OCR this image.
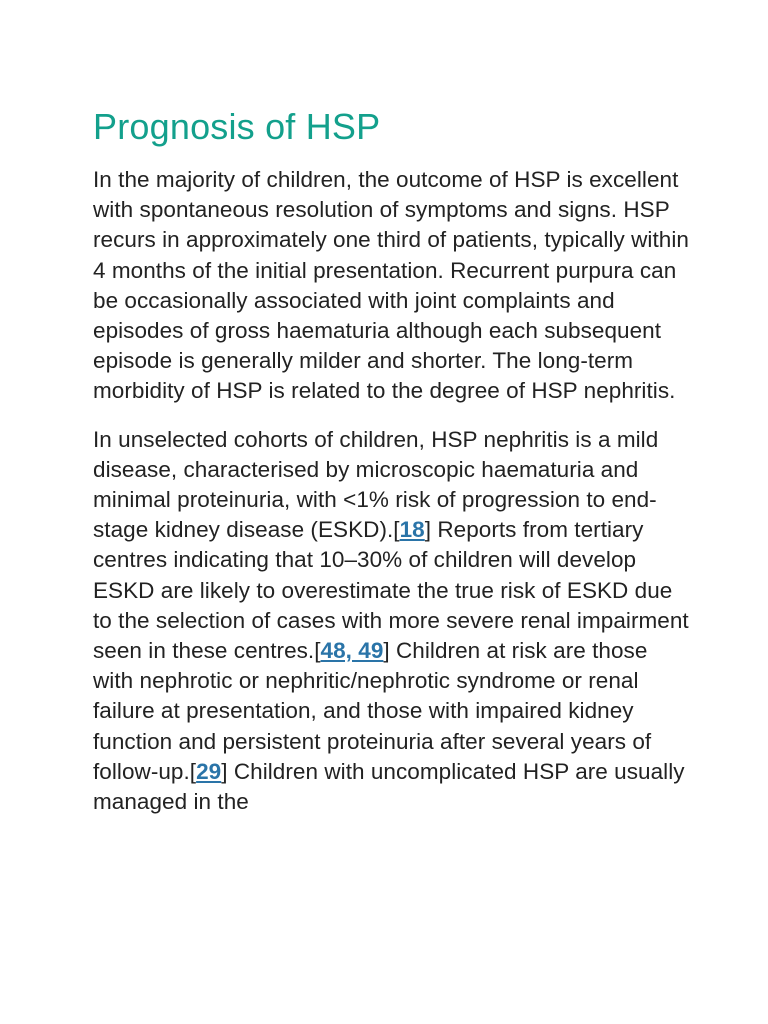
Prognosis of HSP

In the majority of children, the outcome of HSP is excellent with spontaneous resolution of symptoms and signs. HSP recurs in approximately one third of patients, typically within 4 months of the initial presentation. Recurrent purpura can be occasionally associated with joint complaints and episodes of gross haematuria although each subsequent episode is generally milder and shorter. The long-term morbidity of HSP is related to the degree of HSP nephritis.

In unselected cohorts of children, HSP nephritis is a mild disease, characterised by microscopic haematuria and minimal proteinuria, with <1% risk of progression to end-stage kidney disease (ESKD).[18] Reports from tertiary centres indicating that 10–30% of children will develop ESKD are likely to overestimate the true risk of ESKD due to the selection of cases with more severe renal impairment seen in these centres.[48, 49] Children at risk are those with nephrotic or nephritic/nephrotic syndrome or renal failure at presentation, and those with impaired kidney function and persistent proteinuria after several years of follow-up.[29] Children with uncomplicated HSP are usually managed in the
